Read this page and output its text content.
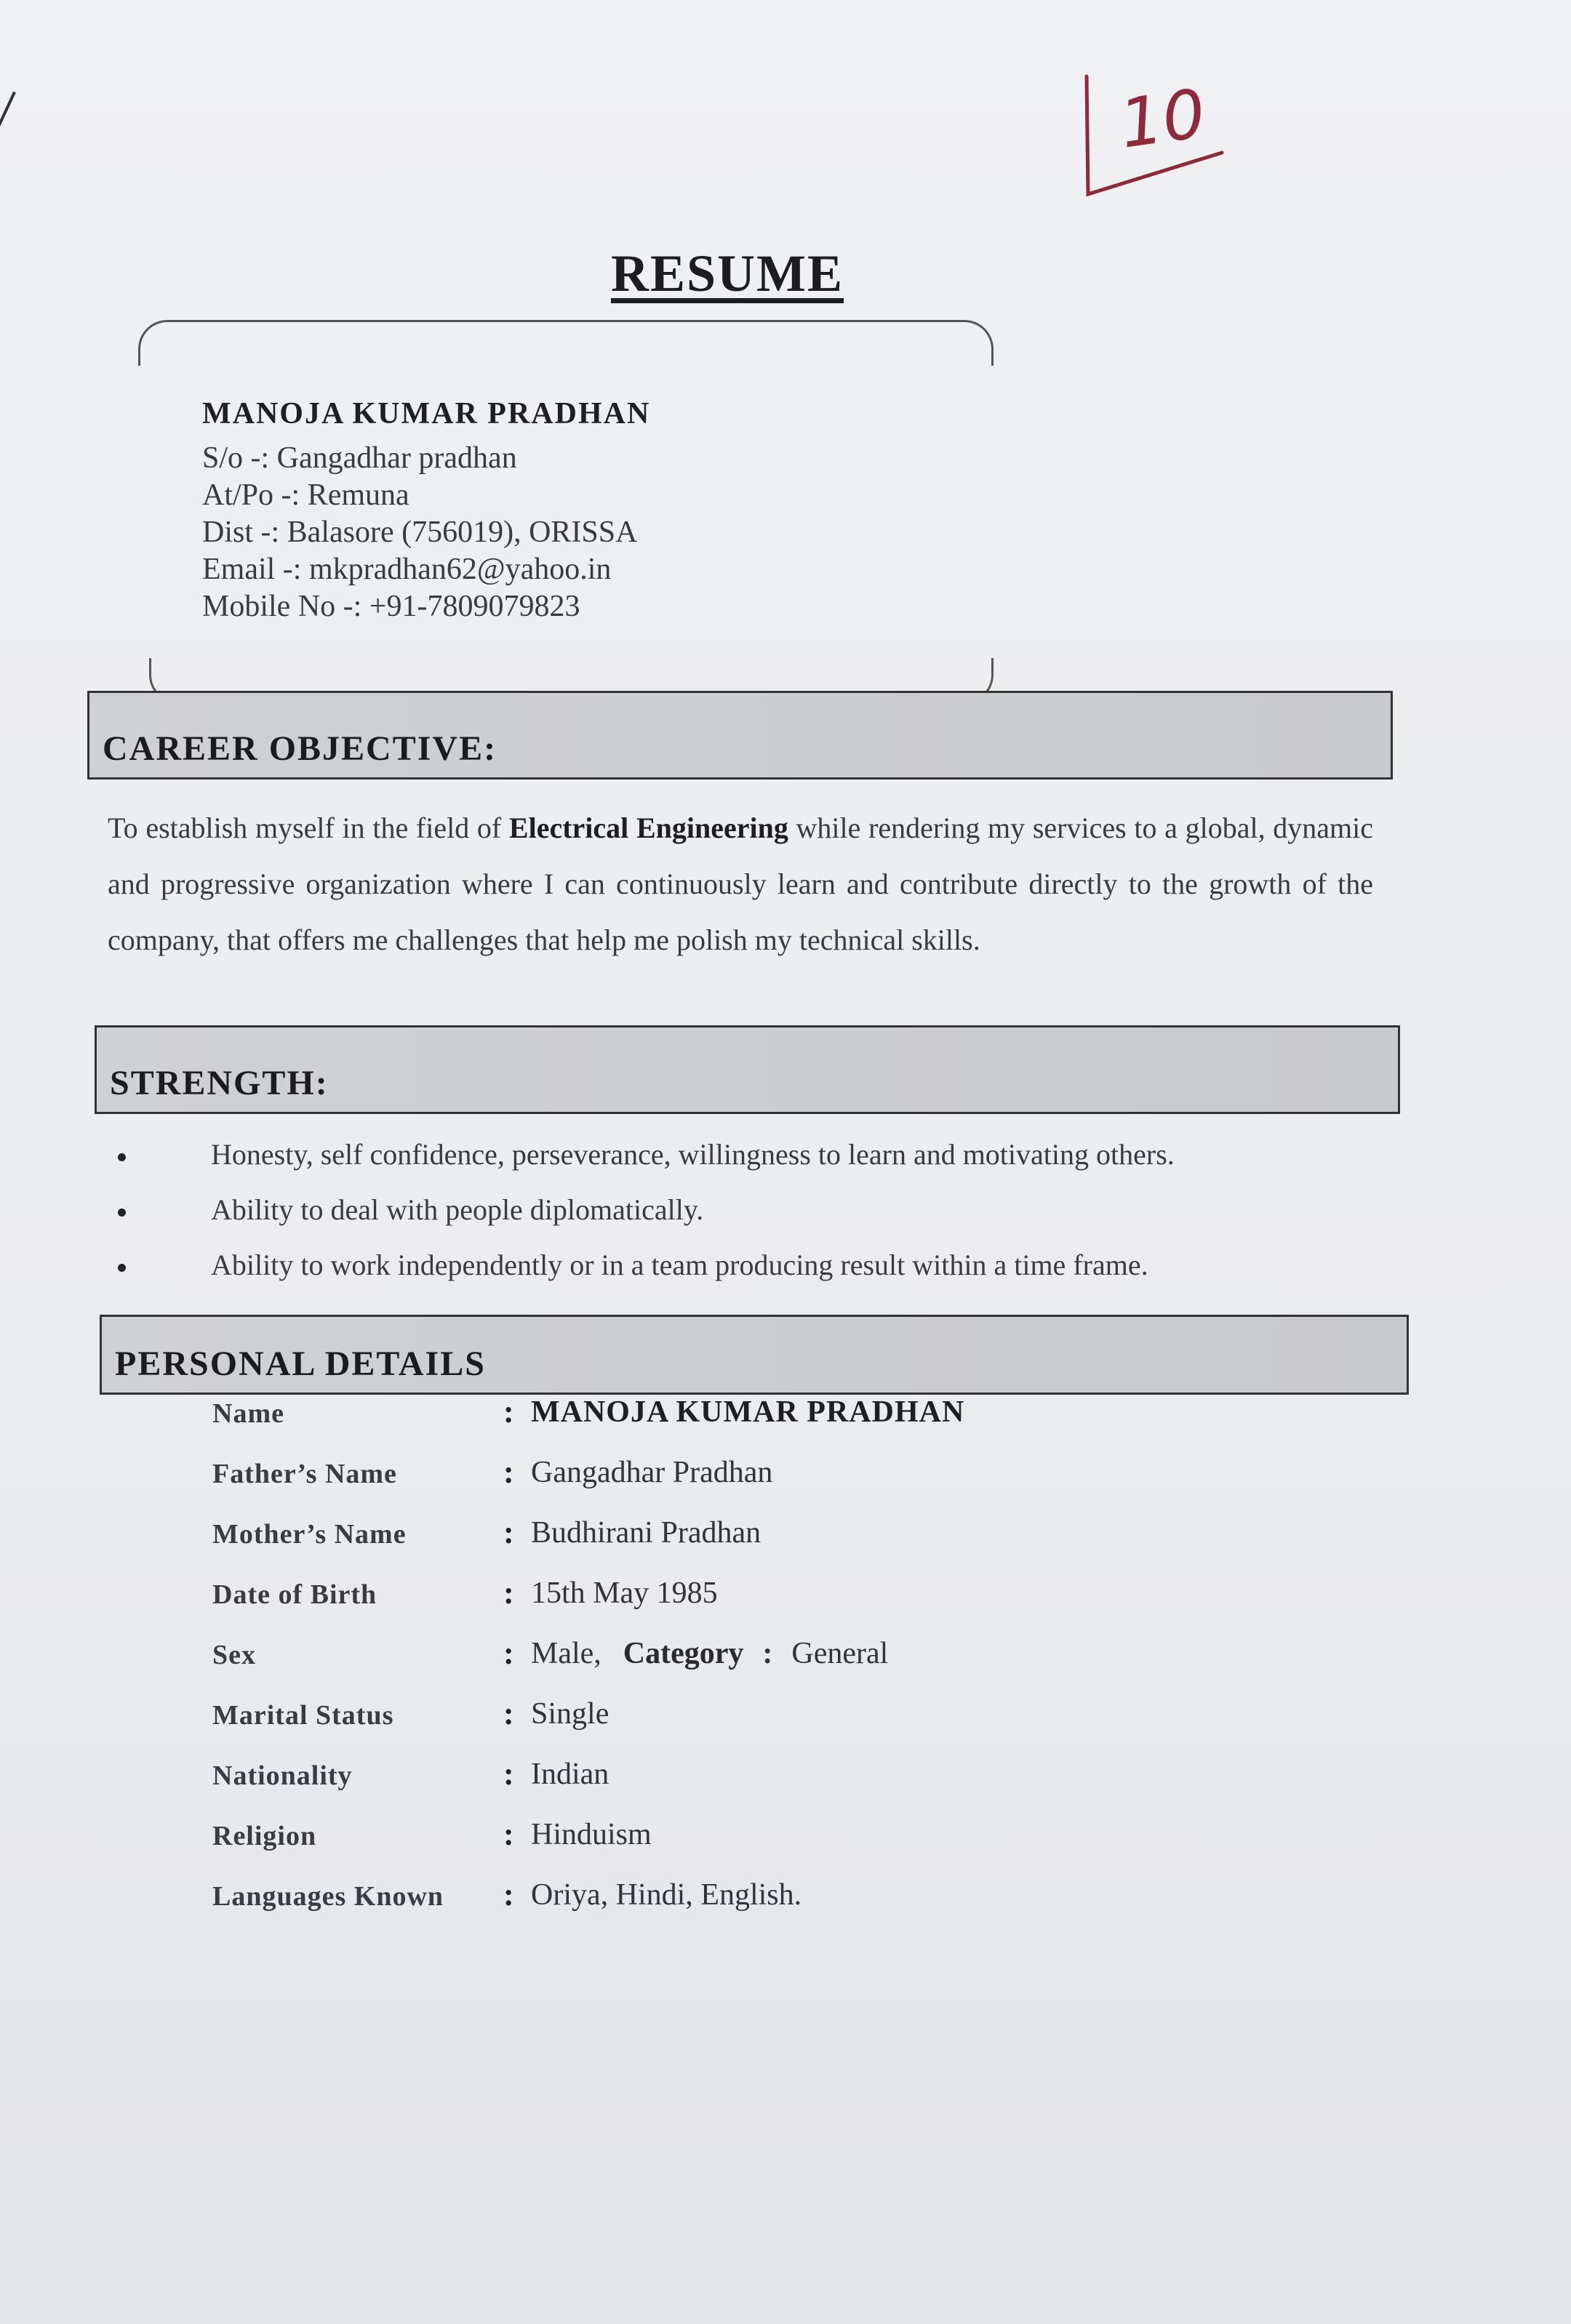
10
RESUME
MANOJA KUMAR PRADHAN
S/o -: Gangadhar pradhan
At/Po -: Remuna
Dist -: Balasore (756019), ORISSA
Email -: mkpradhan62@yahoo.in
Mobile No -: +91-7809079823
CAREER OBJECTIVE:
To establish myself in the field of Electrical Engineering while rendering my services to a global, dynamic and progressive organization where I can continuously learn and contribute directly to the growth of the company, that offers me challenges that help me polish my technical skills.
STRENGTH:
Honesty, self confidence, perseverance, willingness to learn and motivating others.
Ability to deal with people diplomatically.
Ability to work independently or in a team producing result within a time frame.
PERSONAL DETAILS
Name	: MANOJA KUMAR PRADHAN
Father’s Name	: Gangadhar Pradhan
Mother’s Name	: Budhirani Pradhan
Date of Birth	: 15th May 1985
Sex	: Male, Category : General
Marital Status	: Single
Nationality	: Indian
Religion	: Hinduism
Languages Known : Oriya, Hindi, English.
